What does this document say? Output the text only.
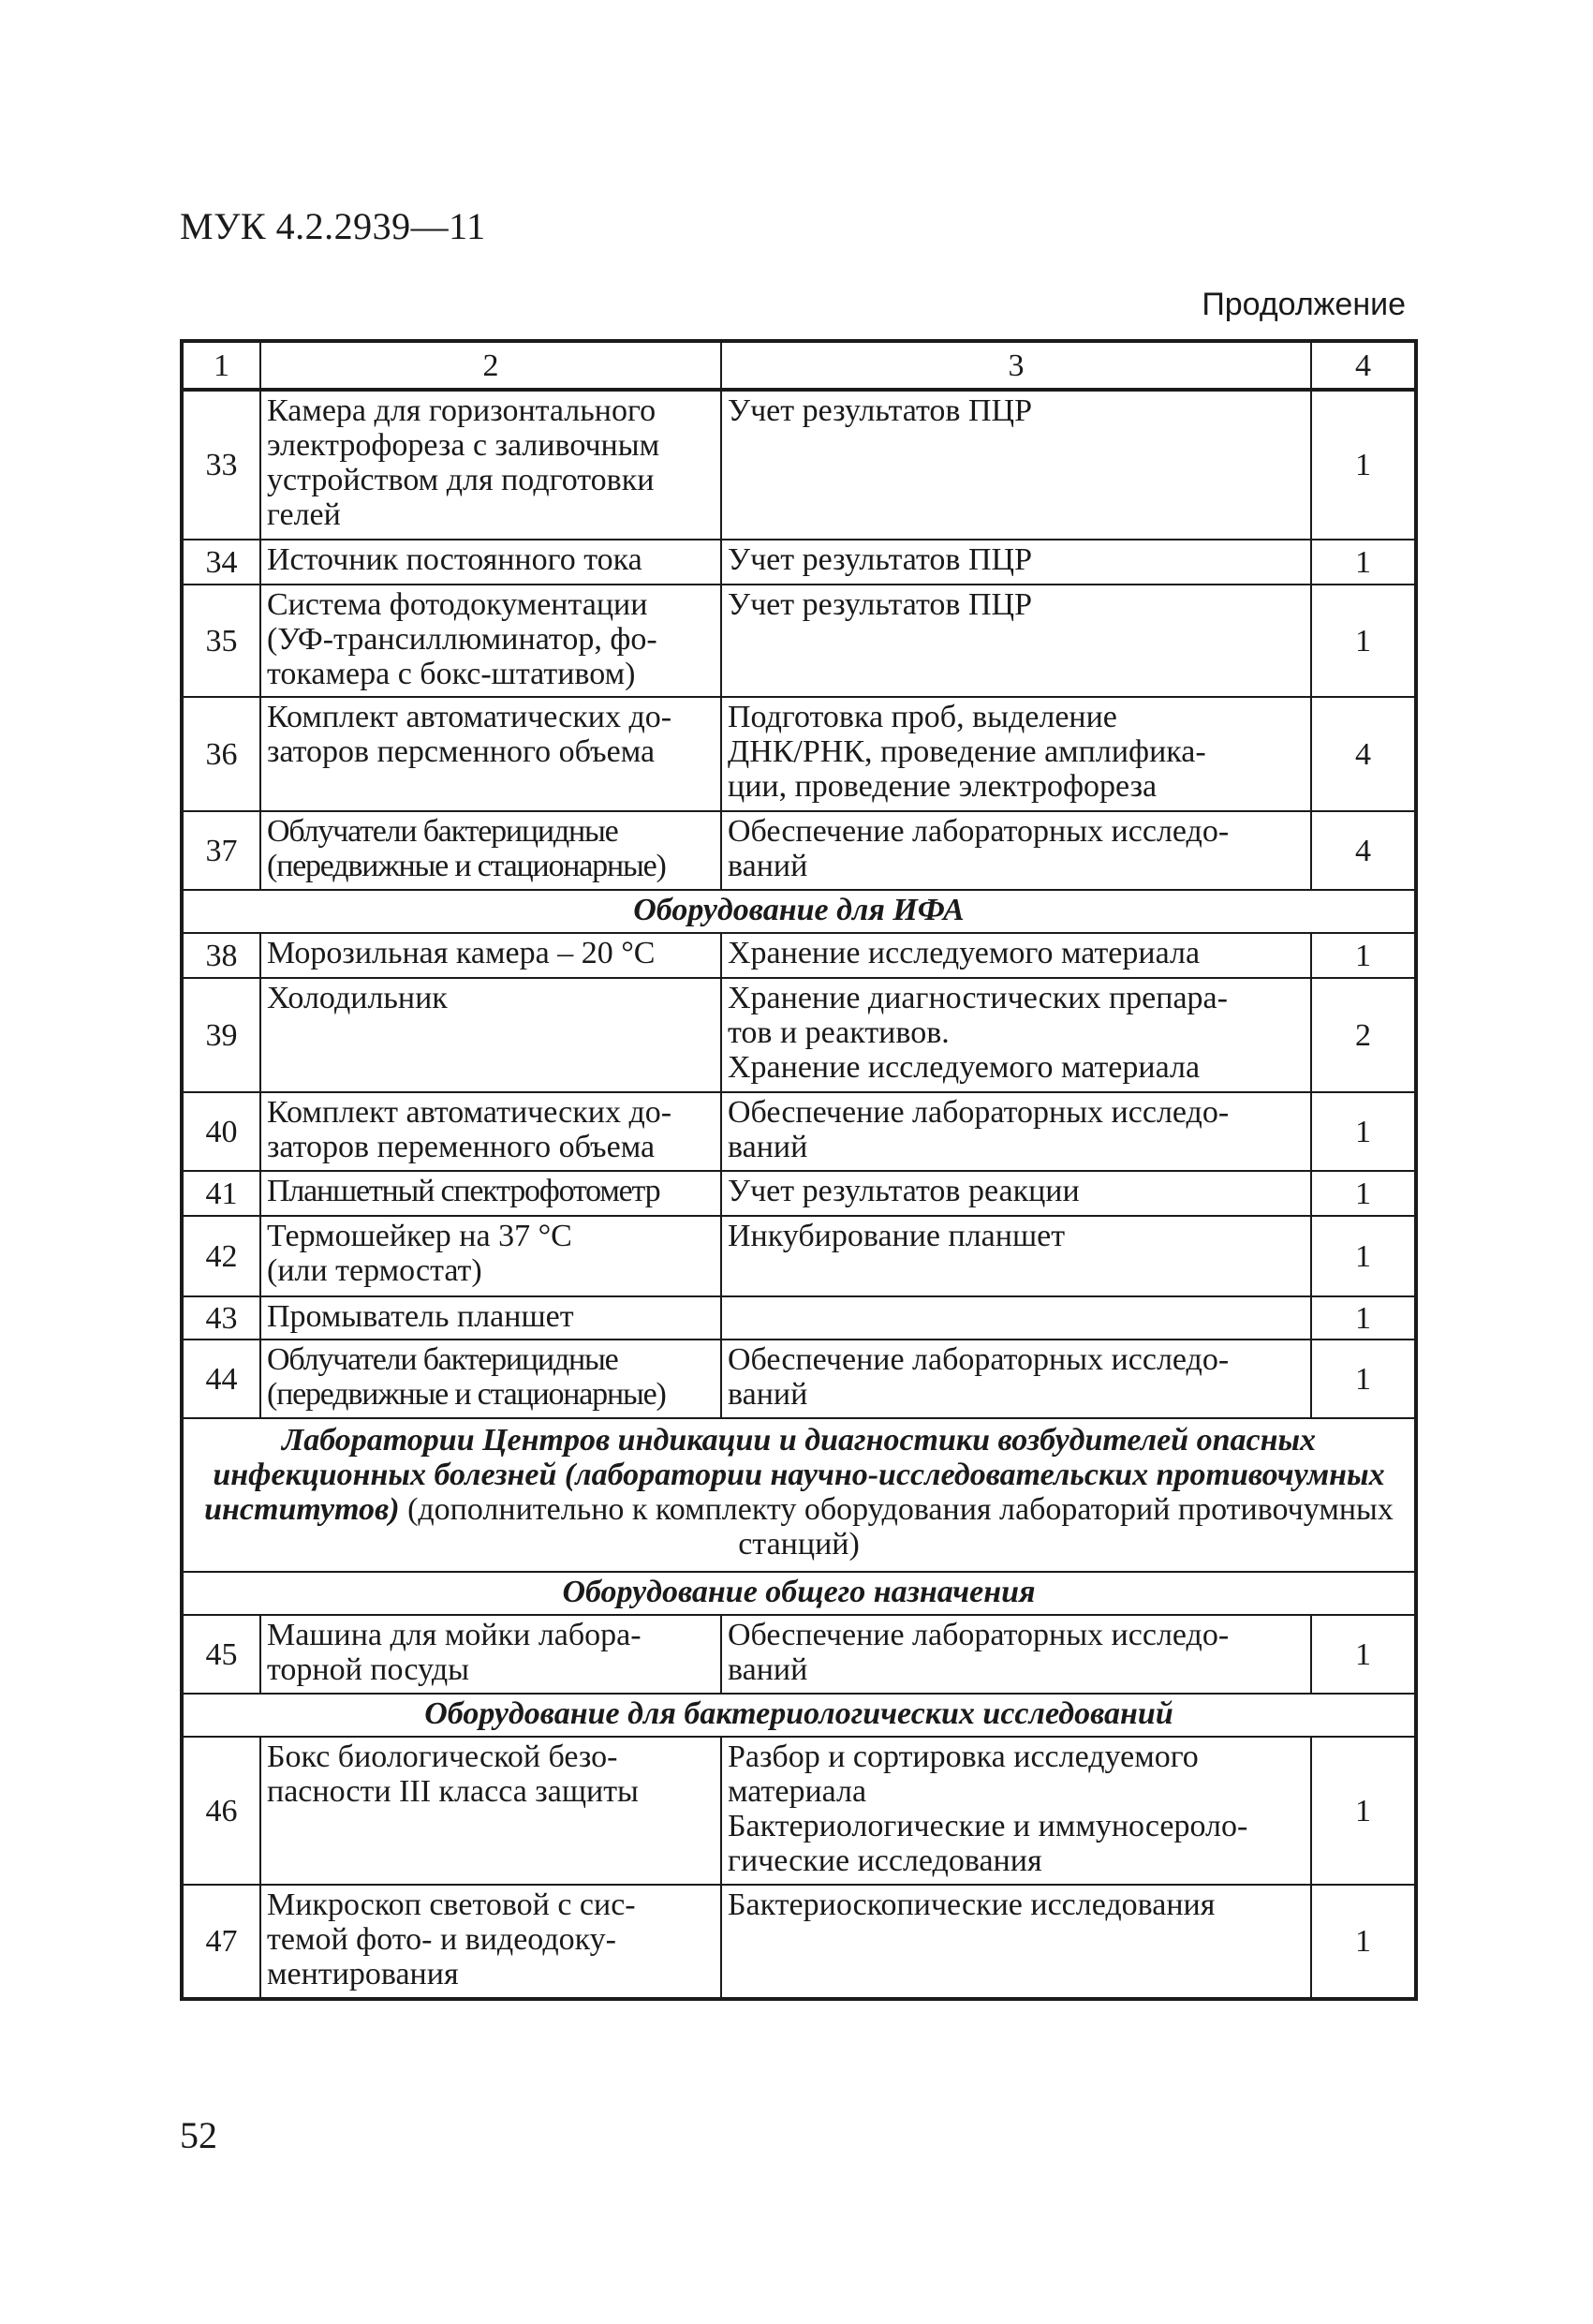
МУК 4.2.2939—11
Продолжение
1	2	3	4
33	Камера для горизонтального
электрофореза с заливочным
устройством для подготовки
гелей	Учет результатов ПЦР	1
34	Источник постоянного тока	Учет результатов ПЦР	1
35	Система фотодокументации
(УФ-трансиллюминатор, фо-
токамера с бокс-штативом)	Учет результатов ПЦР	1
36	Комплект автоматических до-
заторов перcменного объема	Подготовка проб, выделение
ДНК/РНК, проведение амплифика-
ции, проведение электрофореза	4
37	Облучатели бактерицидные
(передвижные и стационарные)	Обеспечение лабораторных исследо-
ваний	4
Оборудование для ИФА			
38	Морозильная камера – 20 °С	Хранение исследуемого материала	1
39	Холодильник	Хранение диагностических препара-
тов и реактивов.
Хранение исследуемого материала	2
40	Комплект автоматических до-
заторов переменного объема	Обеспечение лабораторных исследо-
ваний	1
41	Планшетный спектрофотометр	Учет результатов реакции	1
42	Термошейкер на 37 °С
(или термостат)	Инкубирование планшет	1
43	Промыватель планшет		1
44	Облучатели бактерицидные
(передвижные и стационарные)	Обеспечение лабораторных исследо-
ваний	1
Лаборатории Центров индикации и диагностики возбудителей опасных инфекционных болезней (лаборатории научно-исследовательских противочумных институтов) (дополнительно к комплекту оборудования лабораторий противочумных станций)			
Оборудование общего назначения			
45	Машина для мойки лабора-
торной посуды	Обеспечение лабораторных исследо-
ваний	1
Оборудование для бактериологических исследований			
46	Бокс биологической безо-
пасности III класса защиты	Разбор и сортировка исследуемого
материала
Бактериологические и иммуносероло-
гические исследования	1
47	Микроскоп световой с сис-
темой фото- и видеодоку-
ментирования	Бактериоскопические исследования	1
52
